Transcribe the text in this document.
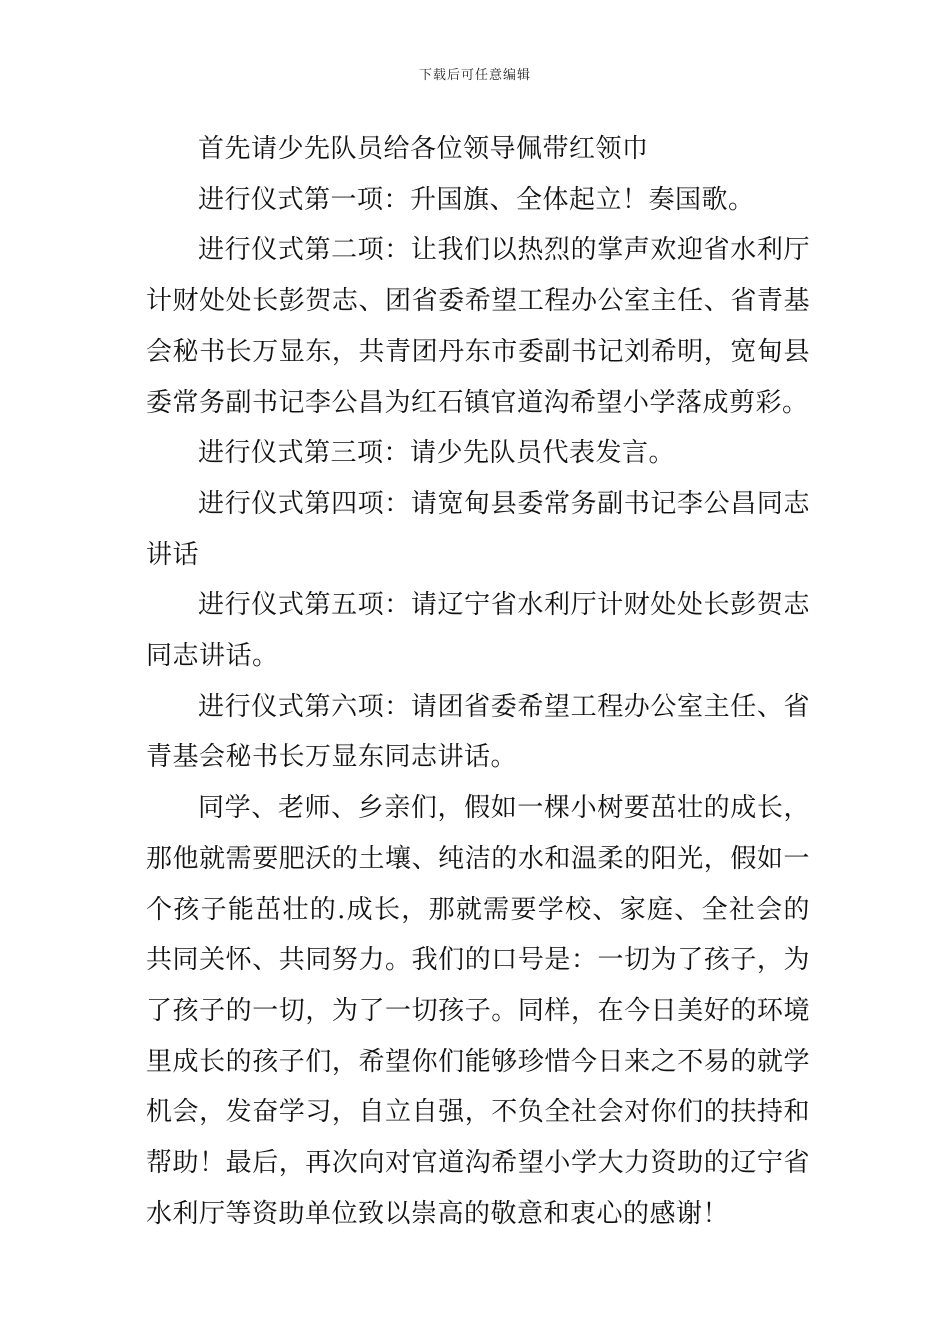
下载后可任意编辑

首先请少先队员给各位领导佩带红领巾

进行仪式第一项：升国旗、全体起立！奏国歌。

进行仪式第二项：让我们以热烈的掌声欢迎省水利厅计财处处长彭贺志、团省委希望工程办公室主任、省青基会秘书长万显东，共青团丹东市委副书记刘希明，宽甸县委常务副书记李公昌为红石镇官道沟希望小学落成剪彩。

进行仪式第三项：请少先队员代表发言。

进行仪式第四项：请宽甸县委常务副书记李公昌同志讲话

进行仪式第五项：请辽宁省水利厅计财处处长彭贺志同志讲话。

进行仪式第六项：请团省委希望工程办公室主任、省青基会秘书长万显东同志讲话。

同学、老师、乡亲们，假如一棵小树要茁壮的成长，那他就需要肥沃的土壤、纯洁的水和温柔的阳光，假如一个孩子能茁壮的.成长，那就需要学校、家庭、全社会的共同关怀、共同努力。我们的口号是：一切为了孩子，为了孩子的一切，为了一切孩子。同样，在今日美好的环境里成长的孩子们，希望你们能够珍惜今日来之不易的就学机会，发奋学习，自立自强，不负全社会对你们的扶持和帮助！最后，再次向对官道沟希望小学大力资助的辽宁省水利厅等资助单位致以崇高的敬意和衷心的感谢！
